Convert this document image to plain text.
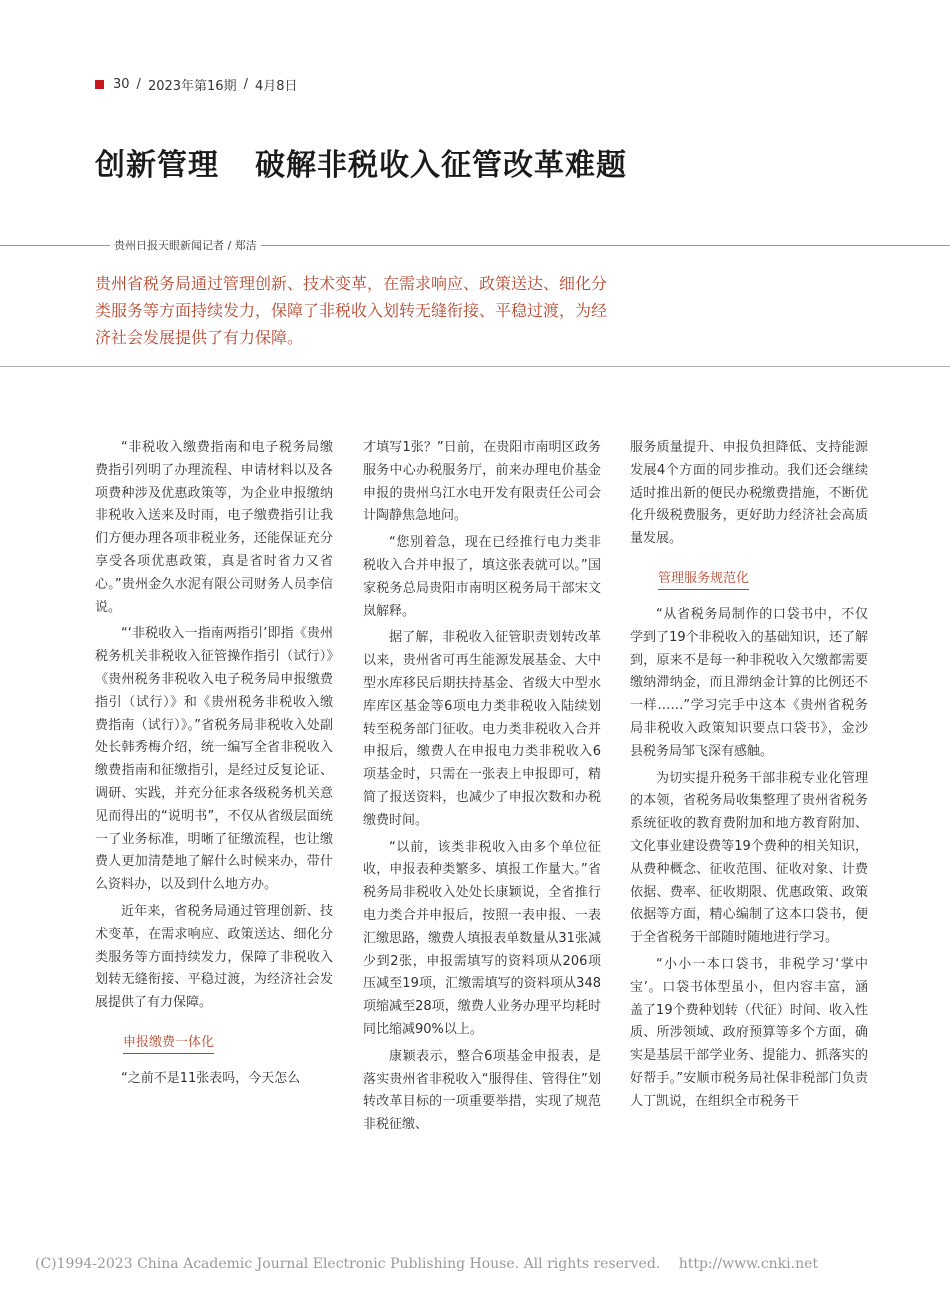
30 / 2023年第16期 / 4月8日
创新管理 破解非税收入征管改革难题
贵州日报天眼新闻记者 / 郑洁

贵州省税务局通过管理创新、技术变革，在需求响应、政策送达、细化分类服务等方面持续发力，保障了非税收入划转无缝衔接、平稳过渡，为经济社会发展提供了有力保障。

“非税收入缴费指南和电子税务局缴费指引列明了办理流程、申请材料以及各项费种涉及优惠政策等，为企业申报缴纳非税收入送来及时雨，电子缴费指引让我们方便办理各项非税业务，还能保证充分享受各项优惠政策，真是省时省力又省心。”贵州金久水泥有限公司财务人员李信说。

“‘非税收入一指南两指引’即指《贵州税务机关非税收入征管操作指引（试行）》《贵州税务非税收入电子税务局申报缴费指引（试行）》和《贵州税务非税收入缴费指南（试行）》。”省税务局非税收入处副处长韩秀梅介绍，统一编写全省非税收入缴费指南和征缴指引，是经过反复论证、调研、实践，并充分征求各级税务机关意见而得出的“说明书”，不仅从省级层面统一了业务标准，明晰了征缴流程，也让缴费人更加清楚地了解什么时候来办，带什么资料办，以及到什么地方办。

近年来，省税务局通过管理创新、技术变革，在需求响应、政策送达、细化分类服务等方面持续发力，保障了非税收入划转无缝衔接、平稳过渡，为经济社会发展提供了有力保障。

申报缴费一体化

“之前不是11张表吗，今天怎么

才填写1张？”日前，在贵阳市南明区政务服务中心办税服务厅，前来办理电价基金申报的贵州乌江水电开发有限责任公司会计陶静焦急地问。

“您别着急，现在已经推行电力类非税收入合并申报了，填这张表就可以。”国家税务总局贵阳市南明区税务局干部宋文岚解释。

据了解，非税收入征管职责划转改革以来，贵州省可再生能源发展基金、大中型水库移民后期扶持基金、省级大中型水库库区基金等6项电力类非税收入陆续划转至税务部门征收。电力类非税收入合并申报后，缴费人在申报电力类非税收入6项基金时，只需在一张表上申报即可，精简了报送资料，也减少了申报次数和办税缴费时间。

“以前，该类非税收入由多个单位征收，申报表种类繁多、填报工作量大。”省税务局非税收入处处长康颖说，全省推行电力类合并申报后，按照一表申报、一表汇缴思路，缴费人填报表单数量从31张减少到2张，申报需填写的资料项从206项压减至19项，汇缴需填写的资料项从348项缩减至28项，缴费人业务办理平均耗时同比缩减90%以上。

康颖表示，整合6项基金申报表，是落实贵州省非税收入“服得佳、管得住”划转改革目标的一项重要举措，实现了规范非税征缴、

服务质量提升、申报负担降低、支持能源发展4个方面的同步推动。我们还会继续适时推出新的便民办税缴费措施，不断优化升级税费服务，更好助力经济社会高质量发展。

管理服务规范化

“从省税务局制作的口袋书中，不仅学到了19个非税收入的基础知识，还了解到，原来不是每一种非税收入欠缴都需要缴纳滞纳金，而且滞纳金计算的比例还不一样……”学习完手中这本《贵州省税务局非税收入政策知识要点口袋书》，金沙县税务局邹飞深有感触。

为切实提升税务干部非税专业化管理的本领，省税务局收集整理了贵州省税务系统征收的教育费附加和地方教育附加、文化事业建设费等19个费种的相关知识，从费种概念、征收范围、征收对象、计费依据、费率、征收期限、优惠政策、政策依据等方面，精心编制了这本口袋书，便于全省税务干部随时随地进行学习。

“小小一本口袋书，非税学习‘掌中宝’。口袋书体型虽小，但内容丰富，涵盖了19个费种划转（代征）时间、收入性质、所涉领域、政府预算等多个方面，确实是基层干部学业务、提能力、抓落实的好帮手。”安顺市税务局社保非税部门负责人丁凯说，在组织全市税务干

(C)1994-2023 China Academic Journal Electronic Publishing House. All rights reserved. http://www.cnki.net
